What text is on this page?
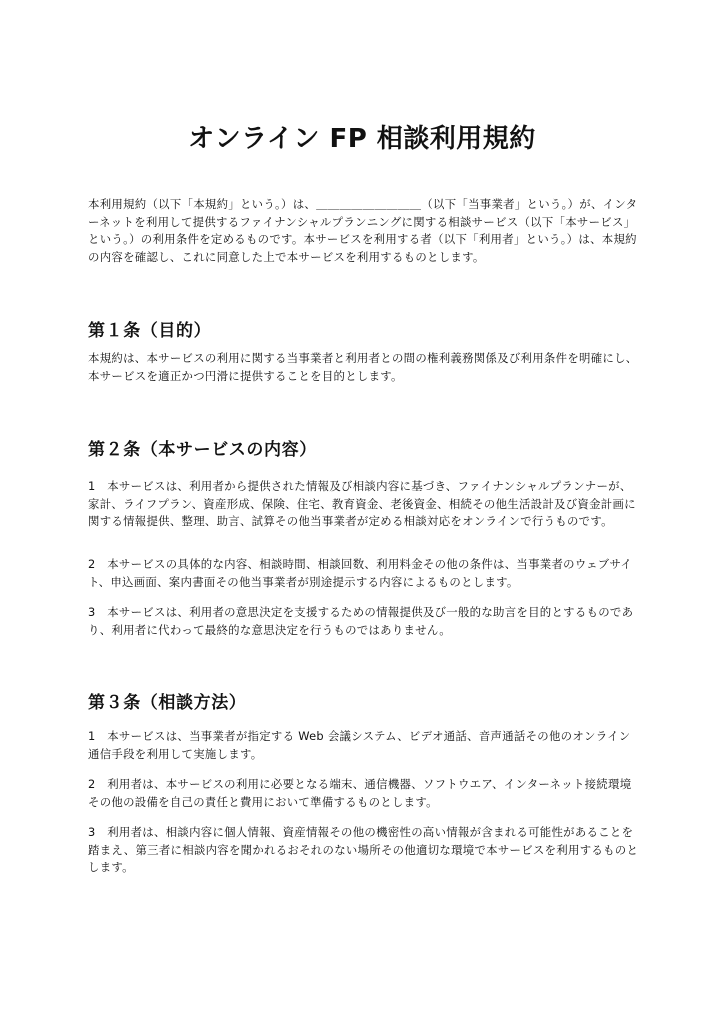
オンライン FP 相談利用規約

本利用規約（以下「本規約」という。）は、＿＿＿＿＿＿＿＿＿（以下「当事業者」という。）が、インターネットを利用して提供するファイナンシャルプランニングに関する相談サービス（以下「本サービス」という。）の利用条件を定めるものです。本サービスを利用する者（以下「利用者」という。）は、本規約の内容を確認し、これに同意した上で本サービスを利用するものとします。

第１条（目的）

本規約は、本サービスの利用に関する当事業者と利用者との間の権利義務関係及び利用条件を明確にし、本サービスを適正かつ円滑に提供することを目的とします。

第２条（本サービスの内容）

1　本サービスは、利用者から提供された情報及び相談内容に基づき、ファイナンシャルプランナーが、家計、ライフプラン、資産形成、保険、住宅、教育資金、老後資金、相続その他生活設計及び資金計画に関する情報提供、整理、助言、試算その他当事業者が定める相談対応をオンラインで行うものです。

2　本サービスの具体的な内容、相談時間、相談回数、利用料金その他の条件は、当事業者のウェブサイト、申込画面、案内書面その他当事業者が別途提示する内容によるものとします。

3　本サービスは、利用者の意思決定を支援するための情報提供及び一般的な助言を目的とするものであり、利用者に代わって最終的な意思決定を行うものではありません。

第３条（相談方法）

1　本サービスは、当事業者が指定する Web 会議システム、ビデオ通話、音声通話その他のオンライン通信手段を利用して実施します。

2　利用者は、本サービスの利用に必要となる端末、通信機器、ソフトウエア、インターネット接続環境その他の設備を自己の責任と費用において準備するものとします。

3　利用者は、相談内容に個人情報、資産情報その他の機密性の高い情報が含まれる可能性があることを踏まえ、第三者に相談内容を聞かれるおそれのない場所その他適切な環境で本サービスを利用するものとします。
